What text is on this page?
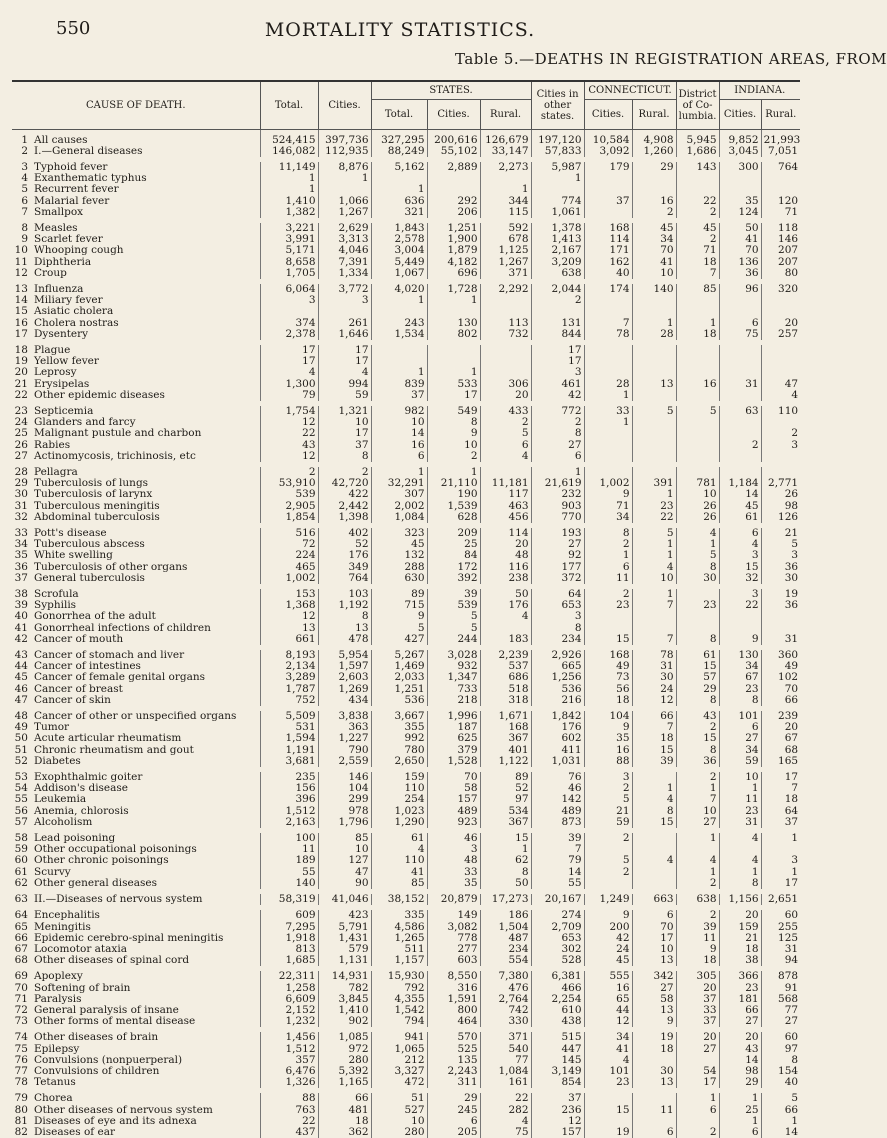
550	MORTALITY STATISTICS.
Table 5.—DEATHS IN REGISTRATION AREAS, FROM
CAUSE OF DEATH.		Total.	Cities.	STATES.			Cities in other states.	CONNECTICUT.		District of Co-lumbia.	INDIANA.	
				Total.	Cities.	Rural.		Cities.	Rural.		Cities.	Rural.
1	All causes	524,415	397,736	327,295	200,616	126,679	197,120	10,584	4,908	5,945	9,852	21,993
2	I.—General diseases	146,082	112,935	88,249	55,102	33,147	57,833	3,092	1,260	1,686	3,045	7,051

3	Typhoid fever	11,149	8,876	5,162	2,889	2,273	5,987	179	29	143	300	764
4	Exanthematic typhus	1	1				1					
5	Recurrent fever	1		1		1						
6	Malarial fever	1,410	1,066	636	292	344	774	37	16	22	35	120
7	Smallpox	1,382	1,267	321	206	115	1,061		2	2	124	71

8	Measles	3,221	2,629	1,843	1,251	592	1,378	168	45	45	50	118
9	Scarlet fever	3,991	3,313	2,578	1,900	678	1,413	114	34	2	41	146
10	Whooping cough	5,171	4,046	3,004	1,879	1,125	2,167	171	70	71	70	207
11	Diphtheria	8,658	7,391	5,449	4,182	1,267	3,209	162	41	18	136	207
12	Croup	1,705	1,334	1,067	696	371	638	40	10	7	36	80

13	Influenza	6,064	3,772	4,020	1,728	2,292	2,044	174	140	85	96	320
14	Miliary fever	3	3	1	1		2					
15	Asiatic cholera											
16	Cholera nostras	374	261	243	130	113	131	7	1	1	6	20
17	Dysentery	2,378	1,646	1,534	802	732	844	78	28	18	75	257

18	Plague	17	17				17					
19	Yellow fever	17	17				17					
20	Leprosy	4	4	1	1		3					
21	Erysipelas	1,300	994	839	533	306	461	28	13	16	31	47
22	Other epidemic diseases	79	59	37	17	20	42	1				4

23	Septicemia	1,754	1,321	982	549	433	772	33	5	5	63	110
24	Glanders and farcy	12	10	10	8	2	2	1				
25	Malignant pustule and charbon	22	17	14	9	5	8					2
26	Rabies	43	37	16	10	6	27				2	3
27	Actinomycosis, trichinosis, etc	12	8	6	2	4	6					

28	Pellagra	2	2	1	1		1					
29	Tuberculosis of lungs	53,910	42,720	32,291	21,110	11,181	21,619	1,002	391	781	1,184	2,771
30	Tuberculosis of larynx	539	422	307	190	117	232	9	1	10	14	26
31	Tuberculous meningitis	2,905	2,442	2,002	1,539	463	903	71	23	26	45	98
32	Abdominal tuberculosis	1,854	1,398	1,084	628	456	770	34	22	26	61	126

33	Pott's disease	516	402	323	209	114	193	8	5	4	6	21
34	Tuberculous abscess	72	52	45	25	20	27	2	1	1	4	5
35	White swelling	224	176	132	84	48	92	1	1	5	3	3
36	Tuberculosis of other organs	465	349	288	172	116	177	6	4	8	15	36
37	General tuberculosis	1,002	764	630	392	238	372	11	10	30	32	30

38	Scrofula	153	103	89	39	50	64	2	1		3	19
39	Syphilis	1,368	1,192	715	539	176	653	23	7	23	22	36
40	Gonorrhea of the adult	12	8	9	5	4	3					
41	Gonorrheal infections of children	13	13	5	5		8					
42	Cancer of mouth	661	478	427	244	183	234	15	7	8	9	31

43	Cancer of stomach and liver	8,193	5,954	5,267	3,028	2,239	2,926	168	78	61	130	360
44	Cancer of intestines	2,134	1,597	1,469	932	537	665	49	31	15	34	49
45	Cancer of female genital organs	3,289	2,603	2,033	1,347	686	1,256	73	30	57	67	102
46	Cancer of breast	1,787	1,269	1,251	733	518	536	56	24	29	23	70
47	Cancer of skin	752	434	536	218	318	216	18	12	8	8	66

48	Cancer of other or unspecified organs	5,509	3,838	3,667	1,996	1,671	1,842	104	66	43	101	239
49	Tumor	531	363	355	187	168	176	9	7	2	6	20
50	Acute articular rheumatism	1,594	1,227	992	625	367	602	35	18	15	27	67
51	Chronic rheumatism and gout	1,191	790	780	379	401	411	16	15	8	34	68
52	Diabetes	3,681	2,559	2,650	1,528	1,122	1,031	88	39	36	59	165

53	Exophthalmic goiter	235	146	159	70	89	76	3		2	10	17
54	Addison's disease	156	104	110	58	52	46	2	1	1	1	7
55	Leukemia	396	299	254	157	97	142	5	4	7	11	18
56	Anemia, chlorosis	1,512	978	1,023	489	534	489	21	8	10	23	64
57	Alcoholism	2,163	1,796	1,290	923	367	873	59	15	27	31	37

58	Lead poisoning	100	85	61	46	15	39	2		1	4	1
59	Other occupational poisonings	11	10	4	3	1	7					
60	Other chronic poisonings	189	127	110	48	62	79	5	4	4	4	3
61	Scurvy	55	47	41	33	8	14	2		1	1	1
62	Other general diseases	140	90	85	35	50	55			2	8	17

63	II.—Diseases of nervous system	58,319	41,046	38,152	20,879	17,273	20,167	1,249	663	638	1,156	2,651

64	Encephalitis	609	423	335	149	186	274	9	6	2	20	60
65	Meningitis	7,295	5,791	4,586	3,082	1,504	2,709	200	70	39	159	255
66	Epidemic cerebro-spinal meningitis	1,918	1,431	1,265	778	487	653	42	17	11	21	125
67	Locomotor ataxia	813	579	511	277	234	302	24	10	9	18	31
68	Other diseases of spinal cord	1,685	1,131	1,157	603	554	528	45	13	18	38	94

69	Apoplexy	22,311	14,931	15,930	8,550	7,380	6,381	555	342	305	366	878
70	Softening of brain	1,258	782	792	316	476	466	16	27	20	23	91
71	Paralysis	6,609	3,845	4,355	1,591	2,764	2,254	65	58	37	181	568
72	General paralysis of insane	2,152	1,410	1,542	800	742	610	44	13	33	66	77
73	Other forms of mental disease	1,232	902	794	464	330	438	12	9	37	27	27

74	Other diseases of brain	1,456	1,085	941	570	371	515	34	19	20	20	60
75	Epilepsy	1,512	972	1,065	525	540	447	41	18	27	43	97
76	Convulsions (nonpuerperal)	357	280	212	135	77	145	4			14	8
77	Convulsions of children	6,476	5,392	3,327	2,243	1,084	3,149	101	30	54	98	154
78	Tetanus	1,326	1,165	472	311	161	854	23	13	17	29	40

79	Chorea	88	66	51	29	22	37			1	1	5
80	Other diseases of nervous system	763	481	527	245	282	236	15	11	6	25	66
81	Diseases of eye and its adnexa	22	18	10	6	4	12				1	1
82	Diseases of ear	437	362	280	205	75	157	19	6	2	6	14
